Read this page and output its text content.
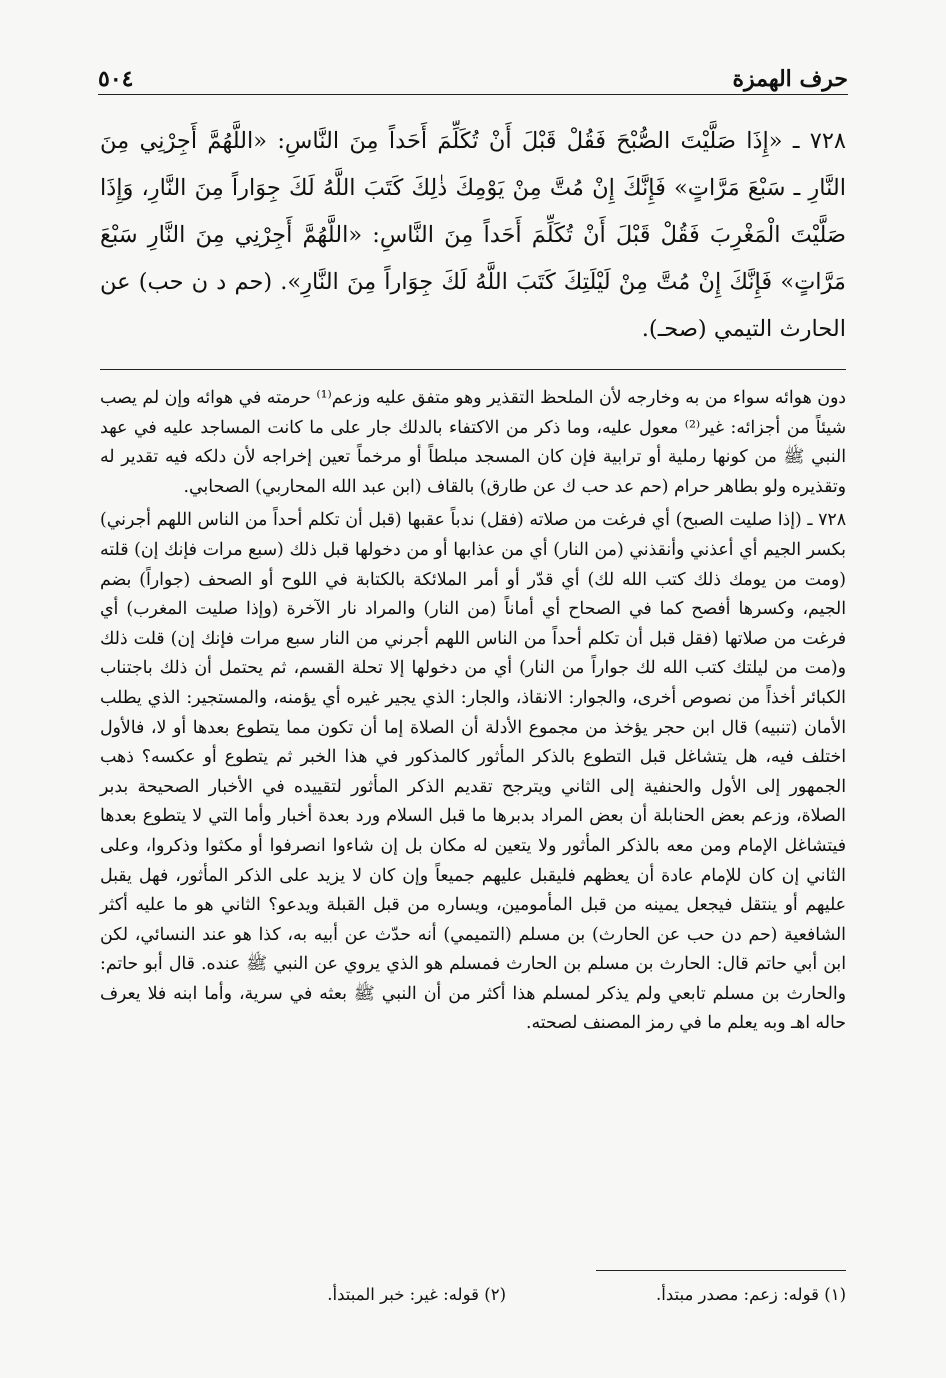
حرف الهمزة
٥٠٤

٧٢٨ ـ «إِذَا صَلَّيْتَ الصُّبْحَ فَقُلْ قَبْلَ أَنْ تُكَلِّمَ أَحَداً مِنَ النَّاسِ: «اللَّهُمَّ أَجِرْنِي مِنَ النَّارِ ـ سَبْعَ مَرَّاتٍ» فَإِنَّكَ إِنْ مُتَّ مِنْ يَوْمِكَ ذٰلِكَ كَتَبَ اللَّهُ لَكَ جِوَاراً مِنَ النَّارِ، وَإِذَا صَلَّيْتَ الْمَغْرِبَ فَقُلْ قَبْلَ أَنْ تُكَلِّمَ أَحَداً مِنَ النَّاسِ: «اللَّهُمَّ أَجِرْنِي مِنَ النَّارِ سَبْعَ مَرَّاتٍ» فَإِنَّكَ إِنْ مُتَّ مِنْ لَيْلَتِكَ كَتَبَ اللَّهُ لَكَ جِوَاراً مِنَ النَّارِ». (حم د ن حب) عن الحارث التيمي (صحـ).

دون هوائه سواء من به وخارجه لأن الملحظ التقذير وهو متفق عليه وزعم⁽¹⁾ حرمته في هوائه وإن لم يصب شيئاً من أجزائه: غير⁽²⁾ معول عليه، وما ذكر من الاكتفاء بالدلك جار على ما كانت المساجد عليه في عهد النبي ﷺ من كونها رملية أو ترابية فإن كان المسجد مبلطاً أو مرخماً تعين إخراجه لأن دلكه فيه تقدير له وتقذيره ولو بطاهر حرام (حم عد حب ك عن طارق) بالقاف (ابن عبد الله المحاربي) الصحابي.

٧٢٨ ـ (إذا صليت الصبح) أي فرغت من صلاته (فقل) ندباً عقبها (قبل أن تكلم أحداً من الناس اللهم أجرني) بكسر الجيم أي أعذني وأنقذني (من النار) أي من عذابها أو من دخولها قبل ذلك (سبع مرات فإنك إن) قلته (ومت من يومك ذلك كتب الله لك) أي قدّر أو أمر الملائكة بالكتابة في اللوح أو الصحف (جواراً) بضم الجيم، وكسرها أفصح كما في الصحاح أي أماناً (من النار) والمراد نار الآخرة (وإذا صليت المغرب) أي فرغت من صلاتها (فقل قبل أن تكلم أحداً من الناس اللهم أجرني من النار سبع مرات فإنك إن) قلت ذلك و(مت من ليلتك كتب الله لك جواراً من النار) أي من دخولها إلا تحلة القسم، ثم يحتمل أن ذلك باجتناب الكبائر أخذاً من نصوص أخرى، والجوار: الانقاذ، والجار: الذي يجير غيره أي يؤمنه، والمستجير: الذي يطلب الأمان (تنبيه) قال ابن حجر يؤخذ من مجموع الأدلة أن الصلاة إما أن تكون مما يتطوع بعدها أو لا، فالأول اختلف فيه، هل يتشاغل قبل التطوع بالذكر المأثور كالمذكور في هذا الخبر ثم يتطوع أو عكسه؟ ذهب الجمهور إلى الأول والحنفية إلى الثاني ويترجح تقديم الذكر المأثور لتقييده في الأخبار الصحيحة بدبر الصلاة، وزعم بعض الحنابلة أن بعض المراد بدبرها ما قبل السلام ورد بعدة أخبار وأما التي لا يتطوع بعدها فيتشاغل الإمام ومن معه بالذكر المأثور ولا يتعين له مكان بل إن شاءوا انصرفوا أو مكثوا وذكروا، وعلى الثاني إن كان للإمام عادة أن يعظهم فليقبل عليهم جميعاً وإن كان لا يزيد على الذكر المأثور، فهل يقبل عليهم أو ينتقل فيجعل يمينه من قبل المأمومين، ويساره من قبل القبلة ويدعو؟ الثاني هو ما عليه أكثر الشافعية (حم دن حب عن الحارث) بن مسلم (التميمي) أنه حدّث عن أبيه به، كذا هو عند النسائي، لكن ابن أبي حاتم قال: الحارث بن مسلم بن الحارث فمسلم هو الذي يروي عن النبي ﷺ عنده. قال أبو حاتم: والحارث بن مسلم تابعي ولم يذكر لمسلم هذا أكثر من أن النبي ﷺ بعثه في سرية، وأما ابنه فلا يعرف حاله اهـ وبه يعلم ما في رمز المصنف لصحته.

(١) قوله: زعم: مصدر مبتدأ.
(٢) قوله: غير: خبر المبتدأ.
